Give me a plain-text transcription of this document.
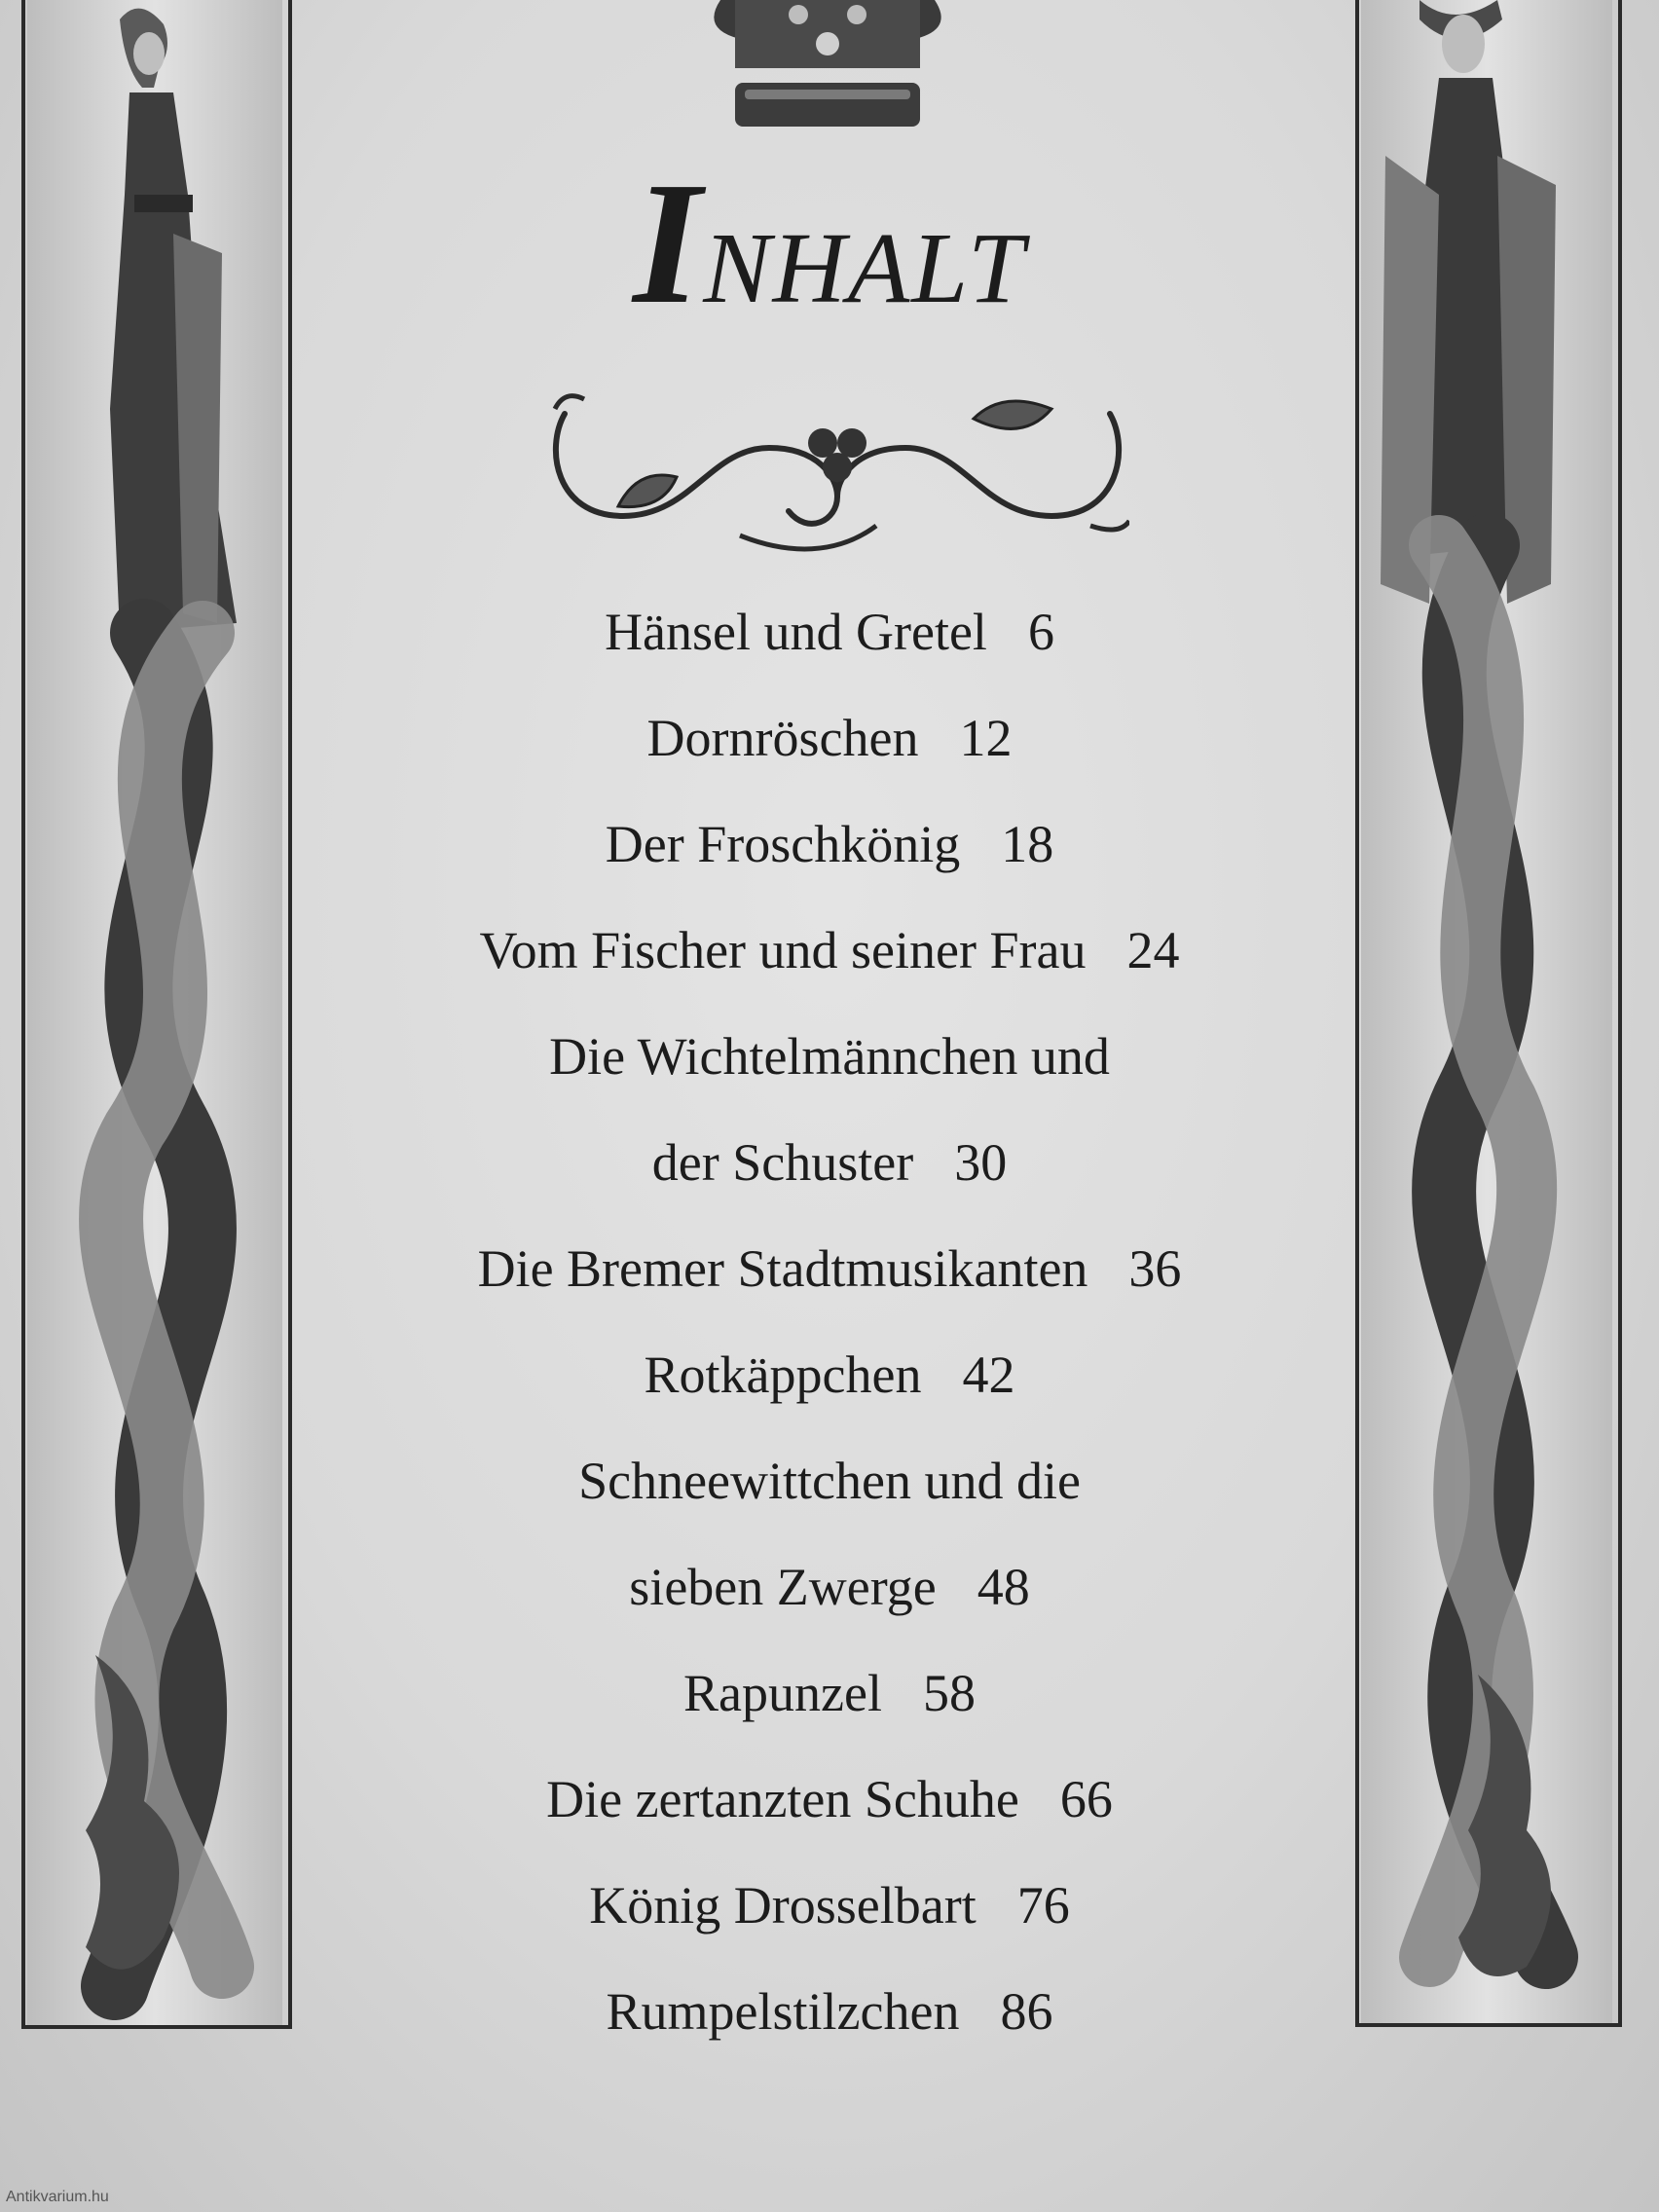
INHALT
Hänsel und Gretel 6
Dornröschen 12
Der Froschkönig 18
Vom Fischer und seiner Frau 24
Die Wichtelmännchen und
der Schuster 30
Die Bremer Stadtmusikanten 36
Rotkäppchen 42
Schneewittchen und die
sieben Zwerge 48
Rapunzel 58
Die zertanzten Schuhe 66
König Drosselbart 76
Rumpelstilzchen 86
Antikvarium.hu
